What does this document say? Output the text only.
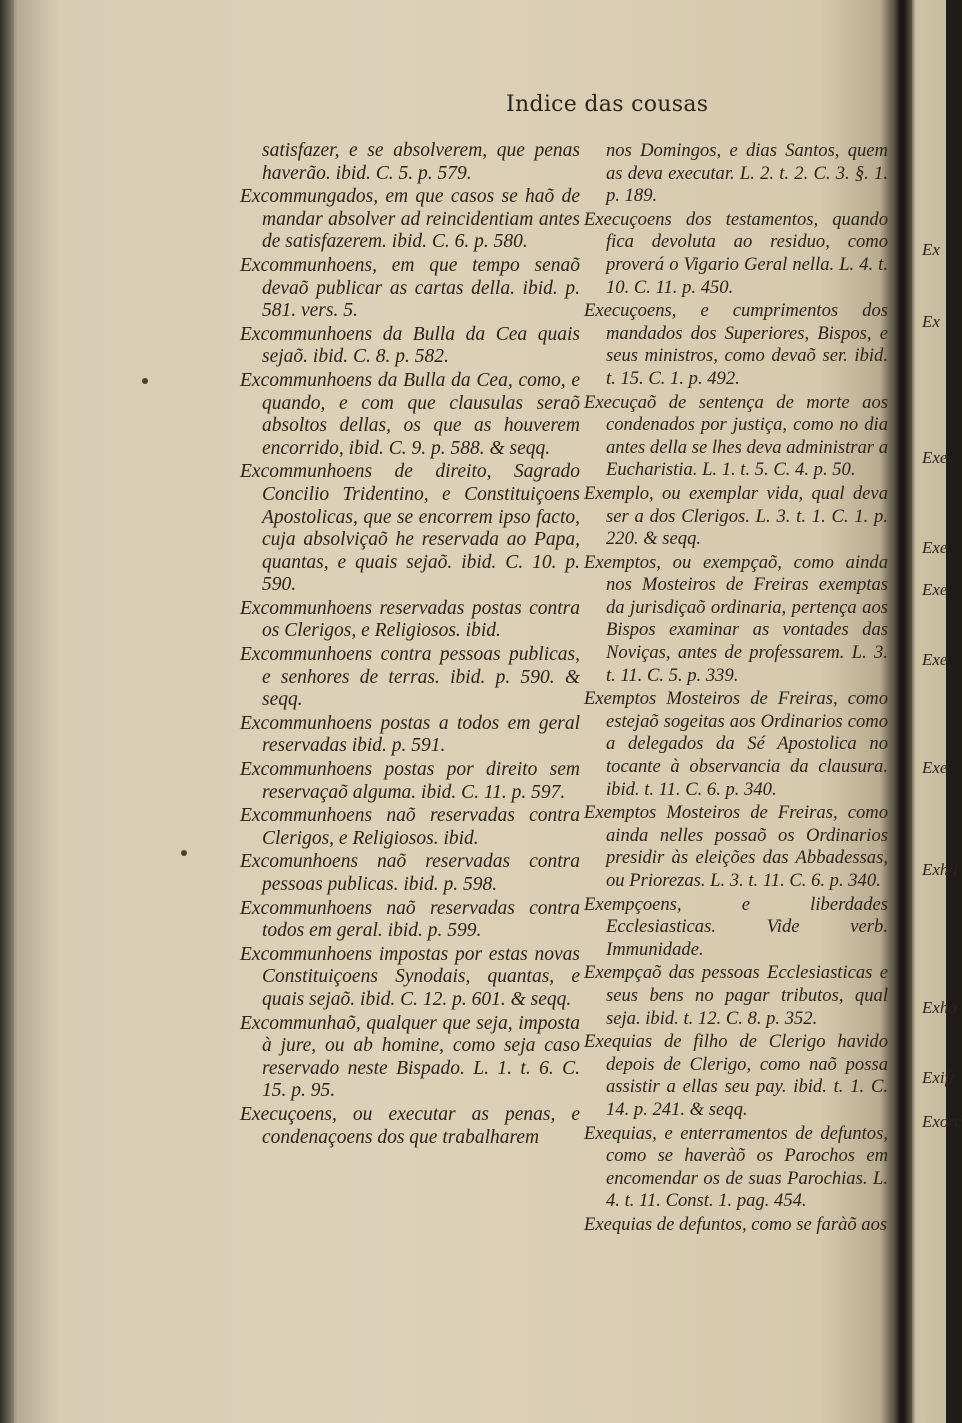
Indice das cousas

satisfazer, e se absolverem, que penas haverão. ibid. C. 5. p. 579.

Excommungados, em que casos se haõ de mandar absolver ad reincidentiam antes de satisfazerem. ibid. C. 6. p. 580.

Excommunhoens, em que tempo senaõ devaõ publicar as cartas della. ibid. p. 581. vers. 5.

Excommunhoens da Bulla da Cea quais sejaõ. ibid. C. 8. p. 582.

Excommunhoens da Bulla da Cea, como, e quando, e com que clausulas seraõ absoltos dellas, os que as houverem encorrido, ibid. C. 9. p. 588. & seqq.

Excommunhoens de direito, Sagrado Concilio Tridentino, e Constituiçoens Apostolicas, que se encorrem ipso facto, cuja absolviçaõ he reservada ao Papa, quantas, e quais sejaõ. ibid. C. 10. p. 590.

Excommunhoens reservadas postas contra os Clerigos, e Religiosos. ibid.

Excommunhoens contra pessoas publicas, e senhores de terras. ibid. p. 590. & seqq.

Excommunhoens postas a todos em geral reservadas ibid. p. 591.

Excommunhoens postas por direito sem reservaçaõ alguma. ibid. C. 11. p. 597.

Excommunhoens naõ reservadas contra Clerigos, e Religiosos. ibid.

Excomunhoens naõ reservadas contra pessoas publicas. ibid. p. 598.

Excommunhoens naõ reservadas contra todos em geral. ibid. p. 599.

Excommunhoens impostas por estas novas Constituiçoens Synodais, quantas, e quais sejaõ. ibid. C. 12. p. 601. & seqq.

Excommunhaõ, qualquer que seja, imposta à jure, ou ab homine, como seja caso reservado neste Bispado. L. 1. t. 6. C. 15. p. 95.

Execuçoens, ou executar as penas, e condenaçoens dos que trabalharem

nos Domingos, e dias Santos, quem as deva executar. L. 2. t. 2. C. 3. §. 1. p. 189.

Execuçoens dos testamentos, quando fica devoluta ao residuo, como proverá o Vigario Geral nella. L. 4. t. 10. C. 11. p. 450.

Execuçoens, e cumprimentos dos mandados dos Superiores, Bispos, e seus ministros, como devaõ ser. ibid. t. 15. C. 1. p. 492.

Execuçaõ de sentença de morte aos condenados por justiça, como no dia antes della se lhes deva administrar a Eucharistia. L. 1. t. 5. C. 4. p. 50.

Exemplo, ou exemplar vida, qual deva ser a dos Clerigos. L. 3. t. 1. C. 1. p. 220. & seqq.

Exemptos, ou exempçaõ, como ainda nos Mosteiros de Freiras exemptas da jurisdiçaõ ordinaria, pertença aos Bispos examinar as vontades das Noviças, antes de professarem. L. 3. t. 11. C. 5. p. 339.

Exemptos Mosteiros de Freiras, como estejaõ sogeitas aos Ordinarios como a delegados da Sé Apostolica no tocante à observancia da clausura. ibid. t. 11. C. 6. p. 340.

Exemptos Mosteiros de Freiras, como ainda nelles possaõ os Ordinarios presidir às eleições das Abbadessas, ou Priorezas. L. 3. t. 11. C. 6. p. 340.

Exempçoens, e liberdades Ecclesiasticas. Vide verb. Immunidade.

Exempçaõ das pessoas Ecclesiasticas e seus bens no pagar tributos, qual seja. ibid. t. 12. C. 8. p. 352.

Exequias de filho de Clerigo havido depois de Clerigo, como naõ possa assistir a ellas seu pay. ibid. t. 1. C. 14. p. 241. & seqq.

Exequias, e enterramentos de defuntos, como se haveràõ os Parochos em encomendar os de suas Parochias. L. 4. t. 11. Const. 1. pag. 454.

Exequias de defuntos, como se faràõ aos

Ex
Ex
Exe
Exe
Exe
Exe
Exe
Exhil
Exho
Exift
Exorc
